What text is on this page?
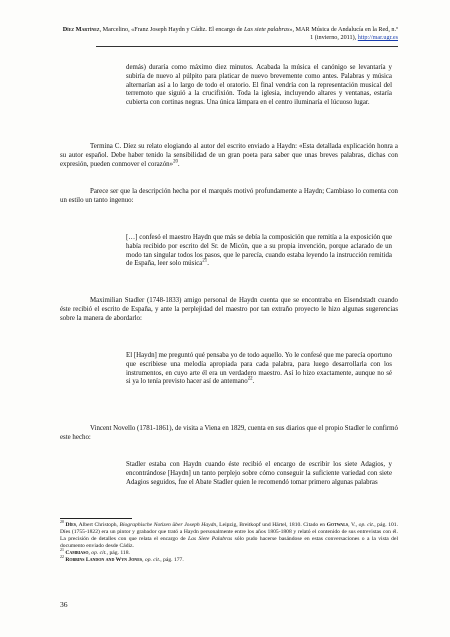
Díez Martínez, Marcelino, «Franz Joseph Haydn y Cádiz. El encargo de Las siete palabras», MAR Música de Andalucía en la Red, n.º 1 (invierno, 2011), http://mar.ugr.es
demás) duraría como máximo diez minutos. Acabada la música el canónigo se levantaría y subiría de nuevo al púlpito para platicar de nuevo brevemente como antes. Palabras y música alternarían así a lo largo de todo el oratorio. El final vendría con la representación musical del terremoto que siguió a la crucifixión. Toda la iglesia, incluyendo altares y ventanas, estaría cubierta con cortinas negras. Una única lámpara en el centro iluminaría el lúcuoso lugar.
Termina C. Díez su relato elogiando al autor del escrito enviado a Haydn: «Esta detallada explicación honra a su autor español. Debe haber tenido la sensibilidad de un gran poeta para saber que unas breves palabras, dichas con expresión, pueden conmover el corazón»$^{20}$.
Parece ser que la descripción hecha por el marqués motivó profundamente a Haydn; Cambiaso lo comenta con un estilo un tanto ingenuo:
[…] confesó el maestro Haydn que más se debía la composición que remitía a la exposición que había recibido por escrito del Sr. de Micón, que a su propia invención, porque aclarado de un modo tan singular todos los pasos, que le parecía, cuando estaba leyendo la instrucción remitida de España, leer solo música$^{21}$.
Maximilian Stadler (1748-1833) amigo personal de Haydn cuenta que se encontraba en Eisendstadt cuando éste recibió el escrito de España, y ante la perplejidad del maestro por tan extraño proyecto le hizo algunas sugerencias sobre la manera de abordarlo:
El [Haydn] me preguntó qué pensaba yo de todo aquello. Yo le confesé que me parecía oportuno que escribiese una melodía apropiada para cada palabra, para luego desarrollarla con los instrumentos, en cuyo arte él era un verdadero maestro. Así lo hizo exactamente, aunque no sé si ya lo tenía previsto hacer así de antemano$^{22}$.
Vincent Novello (1781-1861), de visita a Viena en 1829, cuenta en sus diarios que el propio Stadler le confirmó este hecho:
Stadler estaba con Haydn cuando éste recibió el encargo de escribir los siete Adagios, y encontrándose [Haydn] un tanto perplejo sobre cómo conseguir la suficiente variedad con siete Adagios seguidos, fue el Abate Stadler quien le recomendó tomar primero algunas palabras

$^{20}$ Díes, Albert Christoph, Biographische Notizen über Joseph Haydn, Leipzig, Breitkopf und Härtel, 1810. Citado en Gotwals, V., op. cit., pág. 101. Díes (1755-1822) era un pintor y grabador que trató a Haydn personalmente entre los años 1805-1808 y relató el contenido de sus entrevistas con él. La precisión de detalles con que relata el encargo de Las Siete Palabras sólo pudo hacerse basándose en estas conversaciones o a la vista del documento enviado desde Cádiz.

$^{21}$ Cambiaso, op. cit., pág. 118.

$^{22}$ Robbins Landon and Wyn Jones, op. cit., pág. 177.

36
